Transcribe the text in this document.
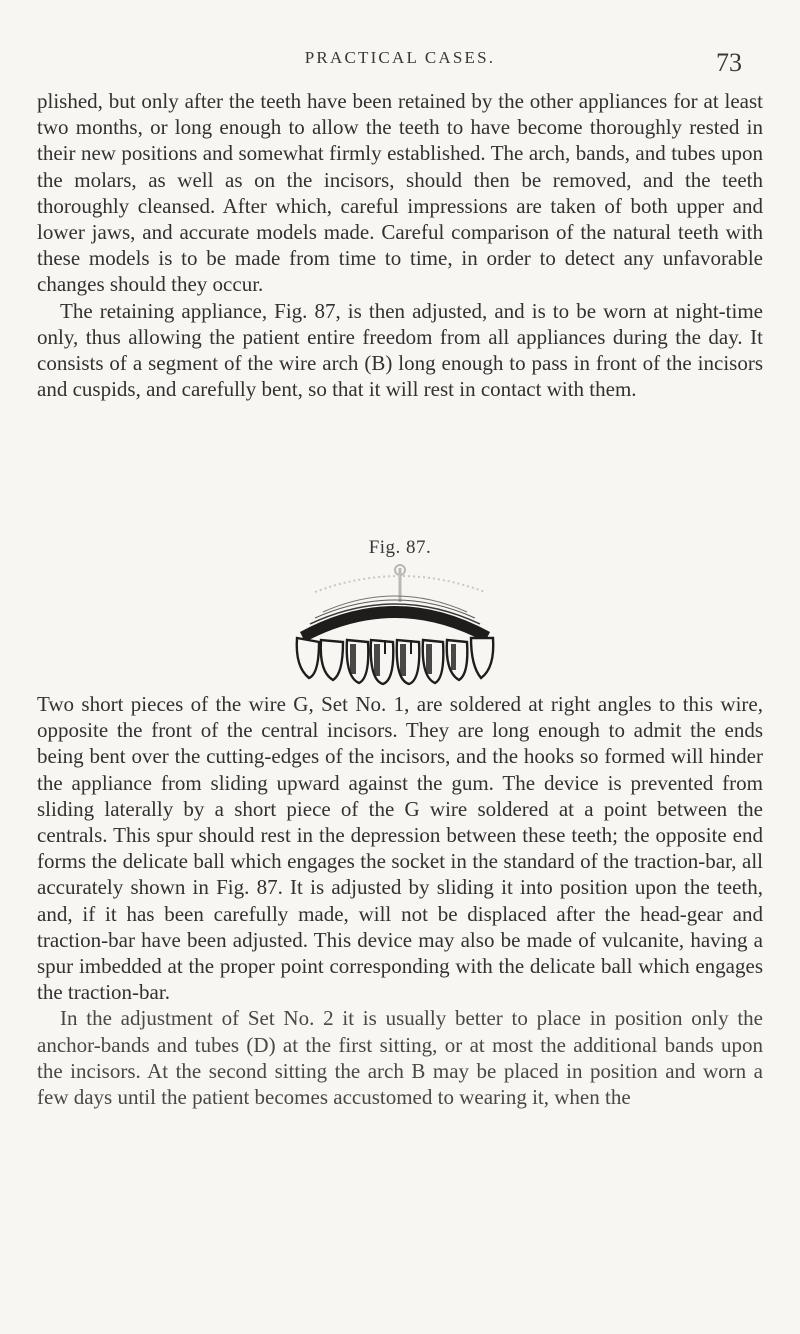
PRACTICAL CASES.	73

plished, but only after the teeth have been retained by the other appliances for at least two months, or long enough to allow the teeth to have become thoroughly rested in their new positions and somewhat firmly established. The arch, bands, and tubes upon the molars, as well as on the incisors, should then be removed, and the teeth thoroughly cleansed. After which, careful impressions are taken of both upper and lower jaws, and accurate models made. Careful comparison of the natural teeth with these models is to be made from time to time, in order to detect any unfavorable changes should they occur.

The retaining appliance, Fig. 87, is then adjusted, and is to be worn at night-time only, thus allowing the patient entire freedom from all appliances during the day. It consists of a segment of the wire arch (B) long enough to pass in front of the incisors and cuspids, and carefully bent, so that it will rest in contact with them.

Fig. 87.

Two short pieces of the wire G, Set No. 1, are soldered at right angles to this wire, opposite the front of the central incisors. They are long enough to admit the ends being bent over the cutting-edges of the incisors, and the hooks so formed will hinder the appliance from sliding upward against the gum. The device is prevented from sliding laterally by a short piece of the G wire soldered at a point between the centrals. This spur should rest in the depression between these teeth; the opposite end forms the delicate ball which engages the socket in the standard of the traction-bar, all accurately shown in Fig. 87. It is adjusted by sliding it into position upon the teeth, and, if it has been carefully made, will not be displaced after the head-gear and traction-bar have been adjusted. This device may also be made of vulcanite, having a spur imbedded at the proper point corresponding with the delicate ball which engages the traction-bar.

In the adjustment of Set No. 2 it is usually better to place in position only the anchor-bands and tubes (D) at the first sitting, or at most the additional bands upon the incisors. At the second sitting the arch B may be placed in position and worn a few days until the patient becomes accustomed to wearing it, when the
